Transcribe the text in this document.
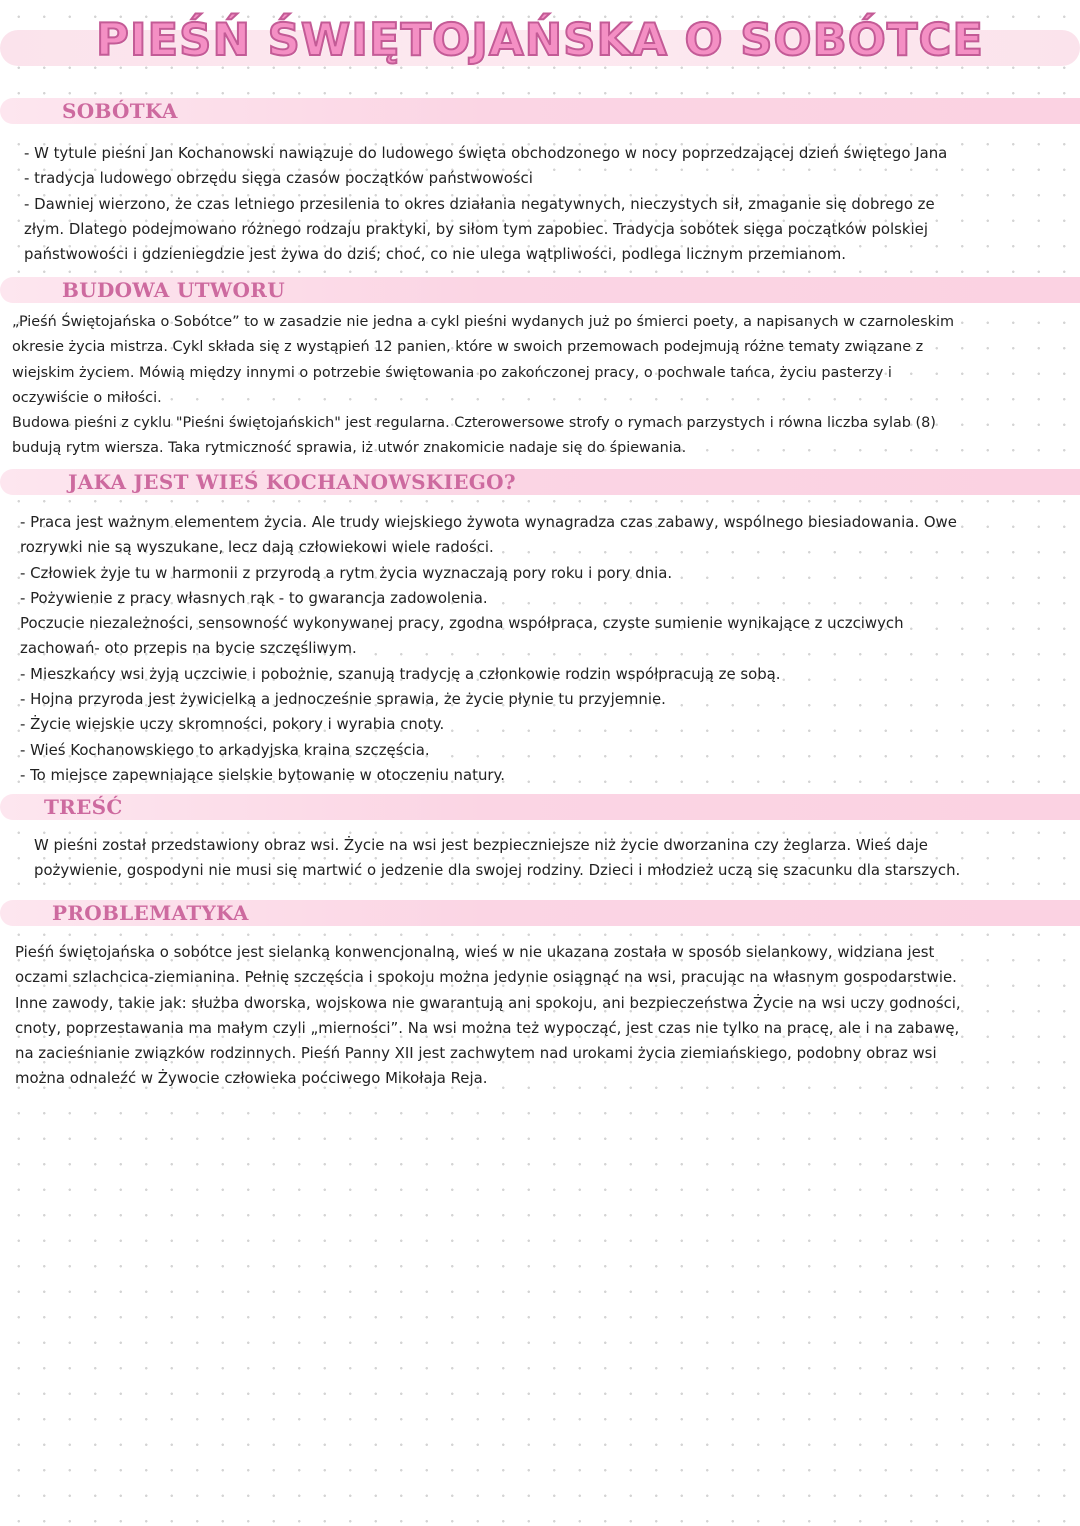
PIEŚŃ ŚWIĘTOJAŃSKA O SOBÓTCE
SOBÓTKA
- W tytule pieśni Jan Kochanowski nawiązuje do ludowego święta obchodzonego w nocy poprzedzającej dzień świętego Jana
- tradycja ludowego obrzędu sięga czasów początków państwowości
- Dawniej wierzono, że czas letniego przesilenia to okres działania negatywnych, nieczystych sił, zmaganie się dobrego ze
złym. Dlatego podejmowano różnego rodzaju praktyki, by siłom tym zapobiec. Tradycja sobótek sięga początków polskiej
państwowości i gdzieniegdzie jest żywa do dziś; choć, co nie ulega wątpliwości, podlega licznym przemianom.
BUDOWA UTWORU
„Pieśń Świętojańska o Sobótce” to w zasadzie nie jedna a cykl pieśni wydanych już po śmierci poety, a napisanych w czarnoleskim
okresie życia mistrza. Cykl składa się z wystąpień 12 panien, które w swoich przemowach podejmują różne tematy związane z
wiejskim życiem. Mówią między innymi o potrzebie świętowania po zakończonej pracy, o pochwale tańca, życiu pasterzy i
oczywiście o miłości.
Budowa pieśni z cyklu "Pieśni świętojańskich" jest regularna. Czterowersowe strofy o rymach parzystych i równa liczba sylab (8)
budują rytm wiersza. Taka rytmiczność sprawia, iż utwór znakomicie nadaje się do śpiewania.
JAKA JEST WIEŚ KOCHANOWSKIEGO?
- Praca jest ważnym elementem życia. Ale trudy wiejskiego żywota wynagradza czas zabawy, wspólnego biesiadowania. Owe
rozrywki nie są wyszukane, lecz dają człowiekowi wiele radości.
- Człowiek żyje tu w harmonii z przyrodą a rytm życia wyznaczają pory roku i pory dnia.
- Pożywienie z pracy własnych rąk - to gwarancja zadowolenia.
Poczucie niezależności, sensowność wykonywanej pracy, zgodna współpraca, czyste sumienie wynikające z uczciwych
zachowań- oto przepis na bycie szczęśliwym.
- Mieszkańcy wsi żyją uczciwie i pobożnie, szanują tradycję a członkowie rodzin współpracują ze sobą.
- Hojna przyroda jest żywicielką a jednocześnie sprawia, że życie płynie tu przyjemnie.
- Życie wiejskie uczy skromności, pokory i wyrabia cnoty.
- Wieś Kochanowskiego to arkadyjska kraina szczęścia.
- To miejsce zapewniające sielskie bytowanie w otoczeniu natury.
TREŚĆ
W pieśni został przedstawiony obraz wsi. Życie na wsi jest bezpieczniejsze niż życie dworzanina czy żeglarza. Wieś daje
pożywienie, gospodyni nie musi się martwić o jedzenie dla swojej rodziny. Dzieci i młodzież uczą się szacunku dla starszych.
PROBLEMATYKA
Pieśń świętojańska o sobótce jest sielanką konwencjonalną, wieś w nie ukazana została w sposób sielankowy, widziana jest
oczami szlachcica-ziemianina. Pełnię szczęścia i spokoju można jedynie osiągnąć na wsi, pracując na własnym gospodarstwie.
Inne zawody, takie jak: służba dworska, wojskowa nie gwarantują ani spokoju, ani bezpieczeństwa Życie na wsi uczy godności,
cnoty, poprzestawania ma małym czyli „mierności”. Na wsi można też wypocząć, jest czas nie tylko na pracę, ale i na zabawę,
na zacieśnianie związków rodzinnych. Pieśń Panny XII jest zachwytem nad urokami życia ziemiańskiego, podobny obraz wsi
można odnaleźć w Żywocie człowieka poćciwego Mikołaja Reja.
